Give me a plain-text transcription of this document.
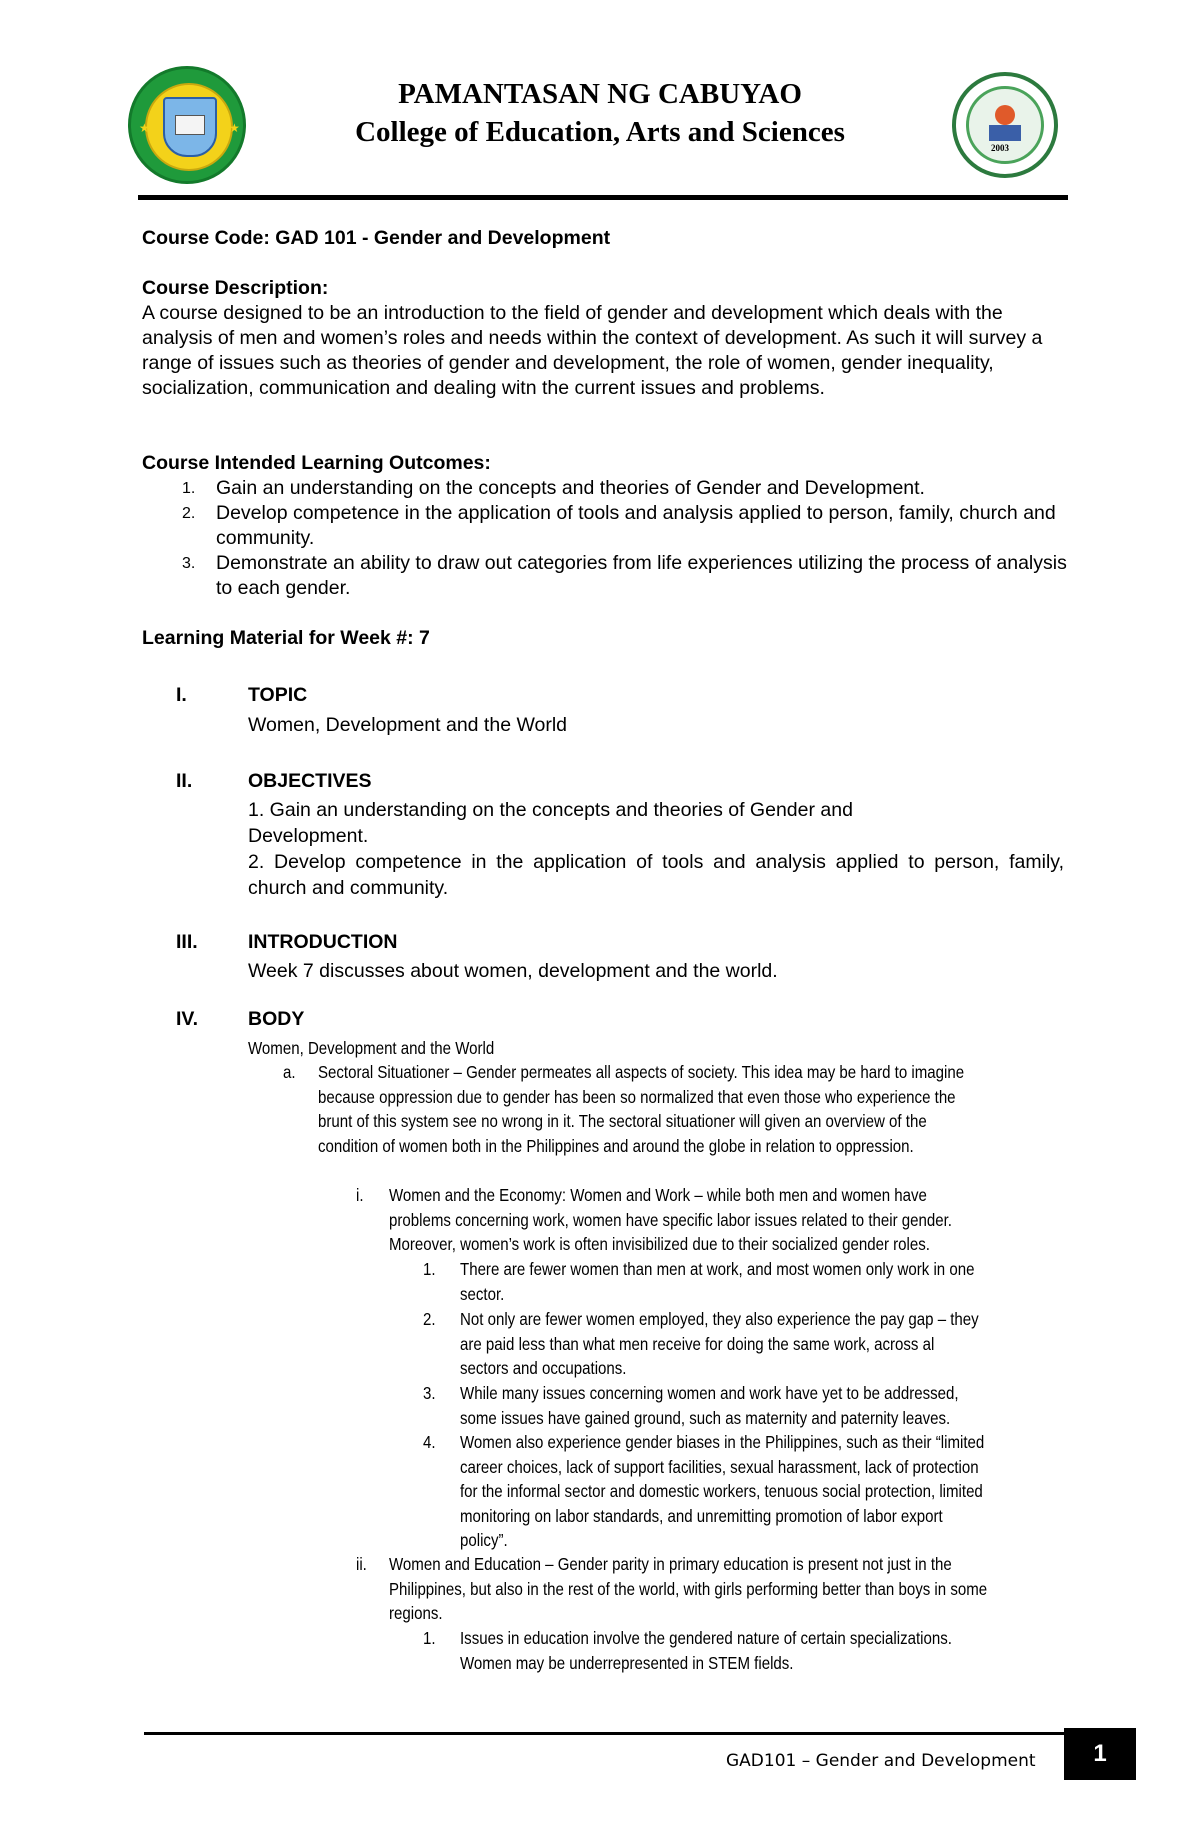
★	★
PAMANTASAN NG CABUYAO
College of Education, Arts and Sciences	2003
Course Code: GAD 101 - Gender and Development
Course Description:
A course designed to be an introduction to the field of gender and development which deals with the analysis of men and women’s roles and needs within the context of development. As such it will survey a range of issues such as theories of gender and development, the role of women, gender inequality, socialization, communication and dealing witn the current issues and problems.
Course Intended Learning Outcomes:
1. Gain an understanding on the concepts and theories of Gender and Development.
2. Develop competence in the application of tools and analysis applied to person, family, church and community.
3. Demonstrate an ability to draw out categories from life experiences utilizing the process of analysis to each gender.
Learning Material for Week #: 7
I.	TOPIC
Women, Development and the World
II.	OBJECTIVES
1. Gain an understanding on the concepts and theories of Gender and Development.
2. Develop competence in the application of tools and analysis applied to person, family, church and community.
III.	INTRODUCTION
Week 7 discusses about women, development and the world.
IV.	BODY
Women, Development and the World
a. Sectoral Situationer – Gender permeates all aspects of society. This idea may be hard to imagine because oppression due to gender has been so normalized that even those who experience the brunt of this system see no wrong in it. The sectoral situationer will given an overview of the condition of women both in the Philippines and around the globe in relation to oppression.
i. Women and the Economy: Women and Work – while both men and women have problems concerning work, women have specific labor issues related to their gender. Moreover, women’s work is often invisibilized due to their socialized gender roles.
1. There are fewer women than men at work, and most women only work in one sector.
2. Not only are fewer women employed, they also experience the pay gap – they are paid less than what men receive for doing the same work, across al sectors and occupations.
3. While many issues concerning women and work have yet to be addressed, some issues have gained ground, such as maternity and paternity leaves.
4. Women also experience gender biases in the Philippines, such as their “limited career choices, lack of support facilities, sexual harassment, lack of protection for the informal sector and domestic workers, tenuous social protection, limited monitoring on labor standards, and unremitting promotion of labor export policy”.
ii. Women and Education – Gender parity in primary education is present not just in the Philippines, but also in the rest of the world, with girls performing better than boys in some regions.
1. Issues in education involve the gendered nature of certain specializations. Women may be underrepresented in STEM fields.
GAD101 – Gender and Development	1
